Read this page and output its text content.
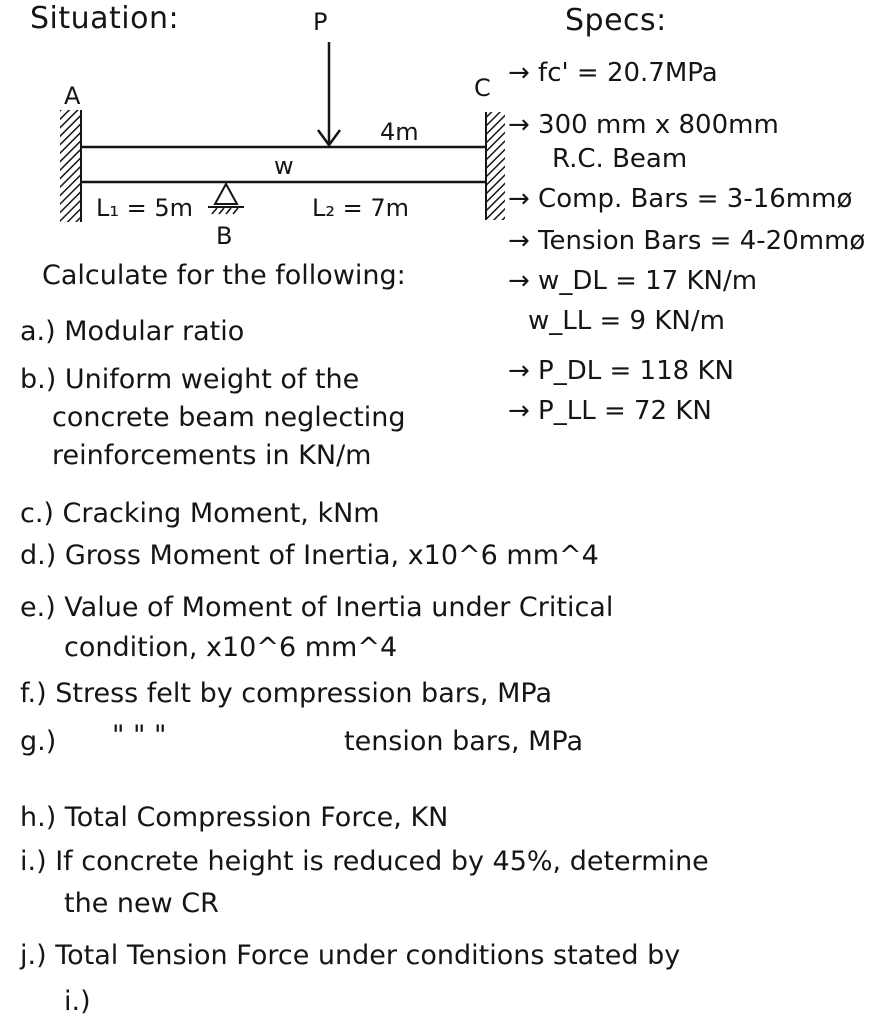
Situation:	P
A	C
4m
w
L₁ = 5m	L₂ = 7m
B
Specs:
→ fc' = 20.7MPa
→ 300 mm x 800mm
R.C. Beam
→ Comp. Bars = 3-16mmø
→ Tension Bars = 4-20mmø
→ w_DL = 17 KN/m
w_LL = 9 KN/m
→ P_DL = 118 KN
→ P_LL = 72 KN
Calculate for the following:
a.) Modular ratio
b.) Uniform weight of the
concrete beam neglecting
reinforcements in KN/m
c.) Cracking Moment, kNm
d.) Gross Moment of Inertia, x10^6 mm^4
e.) Value of Moment of Inertia under Critical
condition, x10^6 mm^4
f.) Stress felt by compression bars, MPa
g.) " " "	tension bars, MPa
h.) Total Compression Force, KN
i.) If concrete height is reduced by 45%, determine
the new CR
j.) Total Tension Force under conditions stated by
i.)
